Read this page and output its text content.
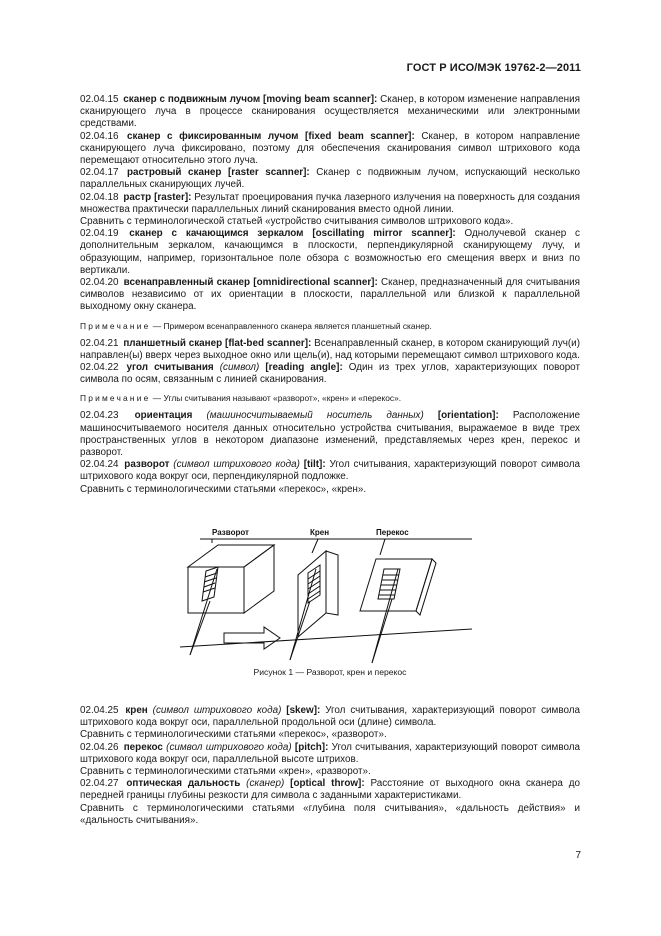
ГОСТ Р ИСО/МЭК 19762-2—2011

02.04.15 сканер с подвижным лучом [moving beam scanner]: Сканер, в котором изменение направления сканирующего луча в процессе сканирования осуществляется механическими или электронными средствами.

02.04.16 сканер с фиксированным лучом [fixed beam scanner]: Сканер, в котором направление сканирующего луча фиксировано, поэтому для обеспечения сканирования символ штрихового кода перемещают относительно этого луча.

02.04.17 растровый сканер [raster scanner]: Сканер с подвижным лучом, испускающий несколько параллельных сканирующих лучей.

02.04.18 растр [raster]: Результат проецирования пучка лазерного излучения на поверхность для создания множества практически параллельных линий сканирования вместо одной линии.

Сравнить с терминологической статьей «устройство считывания символов штрихового кода».

02.04.19 сканер с качающимся зеркалом [oscillating mirror scanner]: Однолучевой сканер с дополнительным зеркалом, качающимся в плоскости, перпендикулярной сканирующему лучу, и образующим, например, горизонтальное поле обзора с возможностью его смещения вверх и вниз по вертикали.

02.04.20 всенаправленный сканер [omnidirectional scanner]: Сканер, предназначенный для считывания символов независимо от их ориентации в плоскости, параллельной или близкой к параллельной выходному окну сканера.

Примечание — Примером всенаправленного сканера является планшетный сканер.

02.04.21 планшетный сканер [flat-bed scanner]: Всенаправленный сканер, в котором сканирующий луч(и) направлен(ы) вверх через выходное окно или щель(и), над которыми перемещают символ штрихового кода.

02.04.22 угол считывания (символ) [reading angle]: Один из трех углов, характеризующих поворот символа по осям, связанным с линией сканирования.

Примечание — Углы считывания называют «разворот», «крен» и «перекос».

02.04.23 ориентация (машиносчитываемый носитель данных) [orientation]: Расположение машиносчитываемого носителя данных относительно устройства считывания, выражаемое в виде трех пространственных углов в некотором диапазоне изменений, представляемых через крен, перекос и разворот.

02.04.24 разворот (символ штрихового кода) [tilt]: Угол считывания, характеризующий поворот символа штрихового кода вокруг оси, перпендикулярной подложке.

Сравнить с терминологическими статьями «перекос», «крен».

Разворот	Крен	Перекос
Рисунок 1 — Разворот, крен и перекос

02.04.25 крен (символ штрихового кода) [skew]: Угол считывания, характеризующий поворот символа штрихового кода вокруг оси, параллельной продольной оси (длине) символа.

Сравнить с терминологическими статьями «перекос», «разворот».

02.04.26 перекос (символ штрихового кода) [pitch]: Угол считывания, характеризующий поворот символа штрихового кода вокруг оси, параллельной высоте штрихов.

Сравнить с терминологическими статьями «крен», «разворот».

02.04.27 оптическая дальность (сканер) [optical throw]: Расстояние от выходного окна сканера до передней границы глубины резкости для символа с заданными характеристиками.

Сравнить с терминологическими статьями «глубина поля считывания», «дальность действия» и «дальность считывания».

7
